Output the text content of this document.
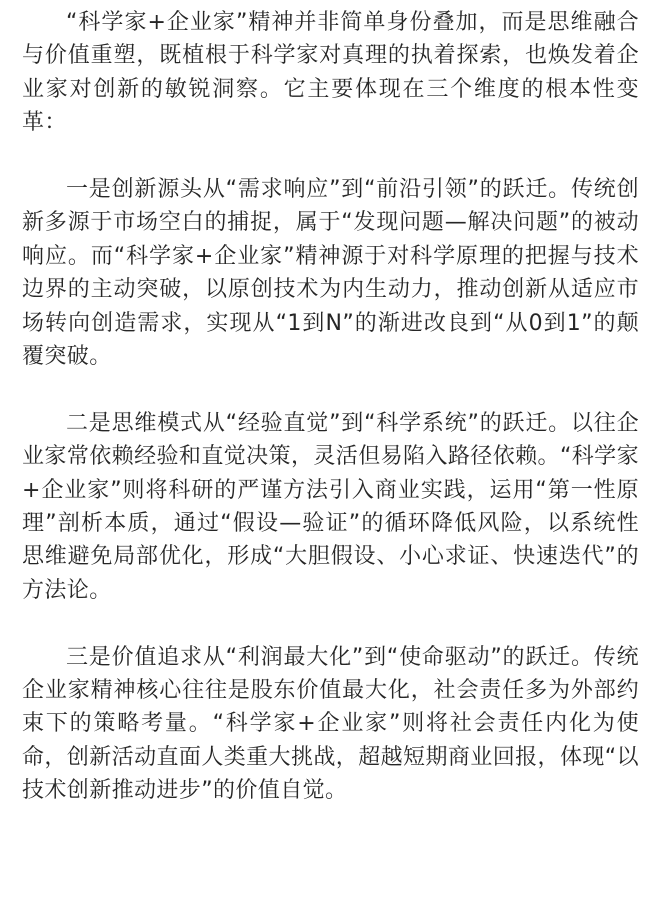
“科学家+企业家”精神并非简单身份叠加，而是思维融合与价值重塑，既植根于科学家对真理的执着探索，也焕发着企业家对创新的敏锐洞察。它主要体现在三个维度的根本性变革：

一是创新源头从“需求响应”到“前沿引领”的跃迁。传统创新多源于市场空白的捕捉，属于“发现问题—解决问题”的被动响应。而“科学家+企业家”精神源于对科学原理的把握与技术边界的主动突破，以原创技术为内生动力，推动创新从适应市场转向创造需求，实现从“1到N”的渐进改良到“从0到1”的颠覆突破。

二是思维模式从“经验直觉”到“科学系统”的跃迁。以往企业家常依赖经验和直觉决策，灵活但易陷入路径依赖。“科学家+企业家”则将科研的严谨方法引入商业实践，运用“第一性原理”剖析本质，通过“假设—验证”的循环降低风险，以系统性思维避免局部优化，形成“大胆假设、小心求证、快速迭代”的方法论。

三是价值追求从“利润最大化”到“使命驱动”的跃迁。传统企业家精神核心往往是股东价值最大化，社会责任多为外部约束下的策略考量。“科学家+企业家”则将社会责任内化为使命，创新活动直面人类重大挑战，超越短期商业回报，体现“以技术创新推动进步”的价值自觉。
